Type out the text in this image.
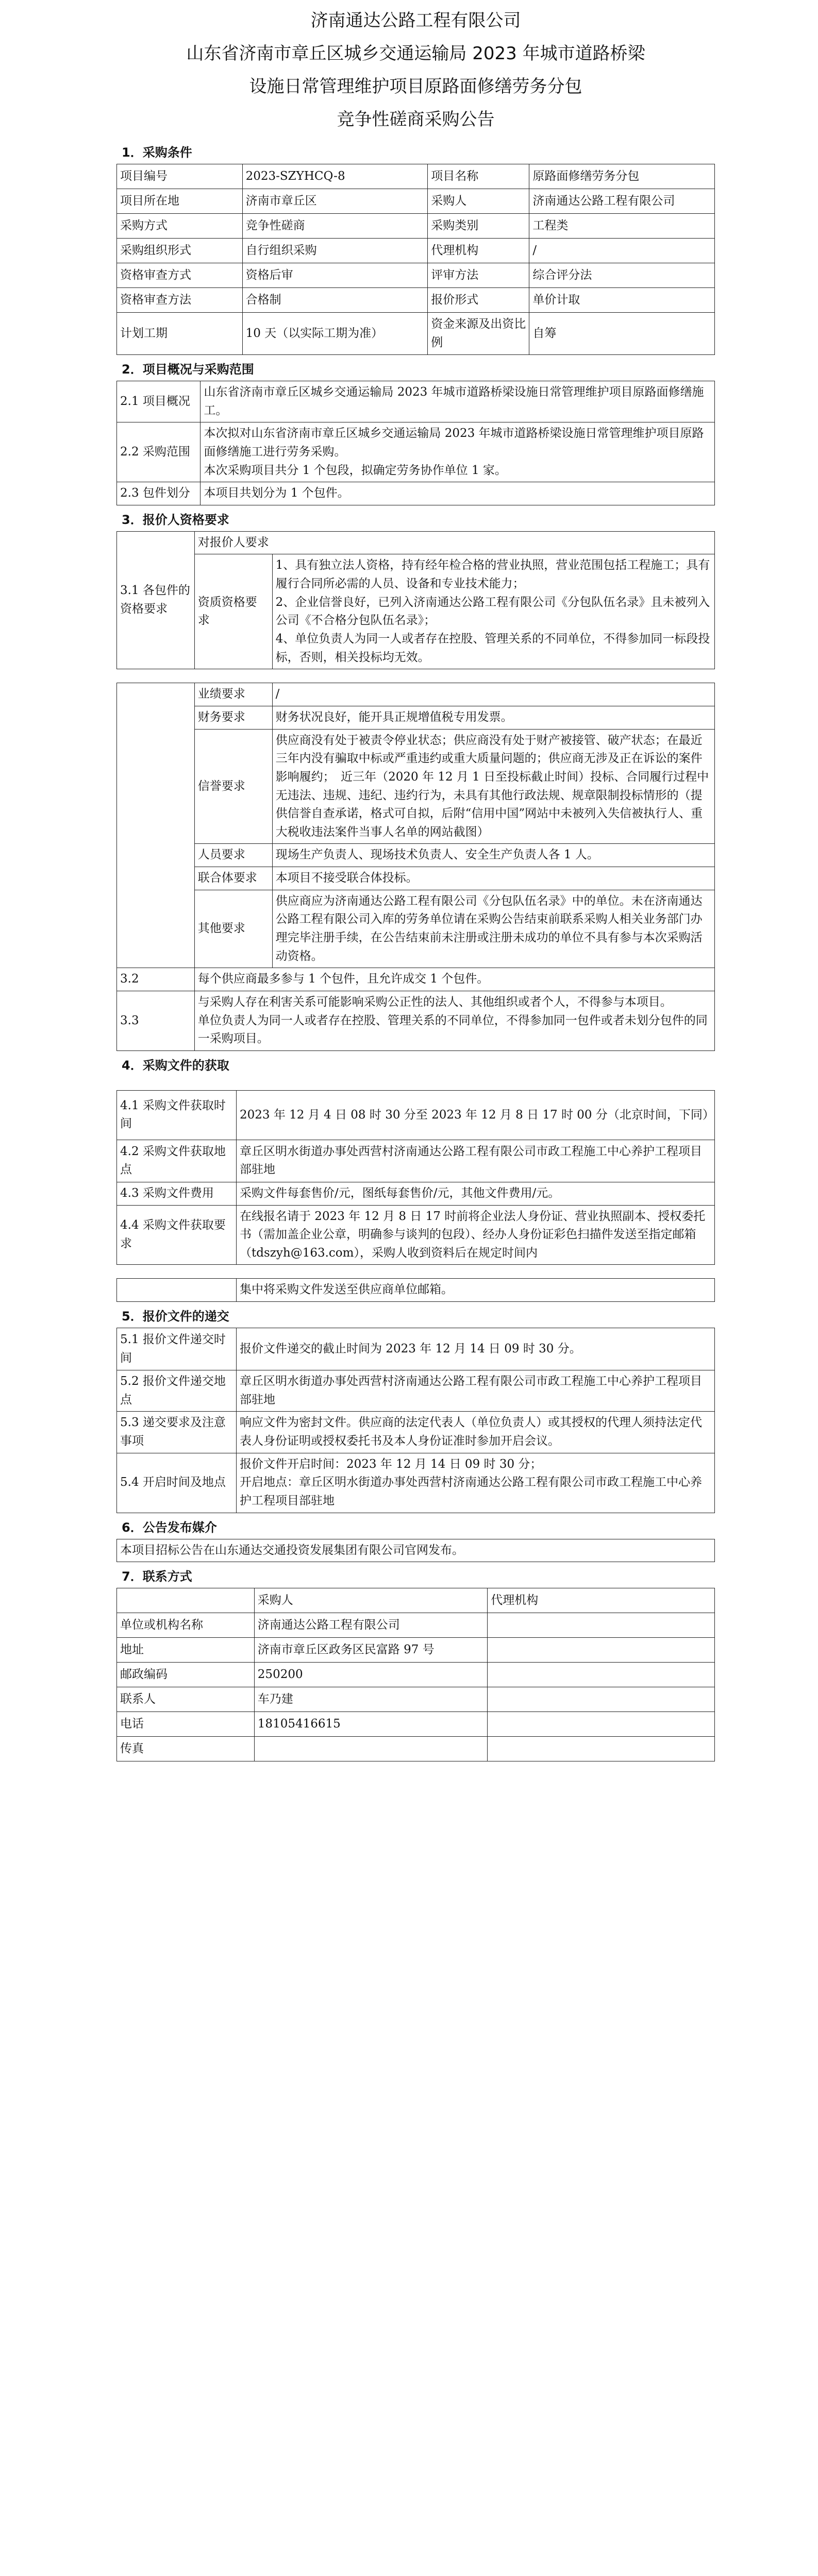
济南通达公路工程有限公司
山东省济南市章丘区城乡交通运输局 2023 年城市道路桥梁
设施日常管理维护项目原路面修缮劳务分包
竞争性磋商采购公告
1．采购条件
项目编号	2023-SZYHCQ-8	项目名称	原路面修缮劳务分包
项目所在地	济南市章丘区	采购人	济南通达公路工程有限公司
采购方式	竞争性磋商	采购类别	工程类
采购组织形式	自行组织采购	代理机构	/
资格审查方式	资格后审	评审方法	综合评分法
资格审查方法	合格制	报价形式	单价计取
计划工期	10 天（以实际工期为准）	资金来源及出资比例	自筹
2．项目概况与采购范围
2.1 项目概况	山东省济南市章丘区城乡交通运输局 2023 年城市道路桥梁设施日常管理维护项目原路面修缮施工。
2.2 采购范围	本次拟对山东省济南市章丘区城乡交通运输局 2023 年城市道路桥梁设施日常管理维护项目原路面修缮施工进行劳务采购。
本次采购项目共分 1 个包段，拟确定劳务协作单位 1 家。

2.3 包件划分	本项目共划分为 1 个包件。
3．报价人资格要求
3.1 各包件的资格要求	对报价人要求	
	资质资格要求	1、具有独立法人资格，持有经年检合格的营业执照，营业范围包括工程施工；具有履行合同所必需的人员、设备和专业技术能力；
2、企业信誉良好，已列入济南通达公路工程有限公司《分包队伍名录》且未被列入公司《不合格分包队伍名录》；
4、单位负责人为同一人或者存在控股、管理关系的不同单位，不得参加同一标段投标，否则，相关投标均无效。
	业绩要求	/
	财务要求	财务状况良好，能开具正规增值税专用发票。
	信誉要求	供应商没有处于被责令停业状态；供应商没有处于财产被接管、破产状态；在最近三年内没有骗取中标或严重违约或重大质量问题的；供应商无涉及正在诉讼的案件影响履约；　近三年（2020 年 12 月 1 日至投标截止时间）投标、合同履行过程中无违法、违规、违纪、违约行为，未具有其他行政法规、规章限制投标情形的（提供信誉自查承诺，格式可自拟，后附“信用中国”网站中未被列入失信被执行人、重大税收违法案件当事人名单的网站截图）
	人员要求	现场生产负责人、现场技术负责人、安全生产负责人各 1 人。
	联合体要求	本项目不接受联合体投标。
	其他要求	供应商应为济南通达公路工程有限公司《分包队伍名录》中的单位。未在济南通达公路工程有限公司入库的劳务单位请在采购公告结束前联系采购人相关业务部门办理完毕注册手续，在公告结束前未注册或注册未成功的单位不具有参与本次采购活动资格。
3.2	每个供应商最多参与 1 个包件，且允许成交 1 个包件。	
3.3	与采购人存在利害关系可能影响采购公正性的法人、其他组织或者个人，不得参与本项目。
单位负责人为同一人或者存在控股、管理关系的不同单位，不得参加同一包件或者未划分包件的同一采购项目。	
4．采购文件的获取
4.1 采购文件获取时间	2023 年 12 月 4 日 08 时 30 分至 2023 年 12 月 8 日 17 时 00 分（北京时间，下同）
4.2 采购文件获取地点	章丘区明水街道办事处西营村济南通达公路工程有限公司市政工程施工中心养护工程项目部驻地
4.3 采购文件费用	采购文件每套售价/元，图纸每套售价/元，其他文件费用/元。
4.4 采购文件获取要求	在线报名请于 2023 年 12 月 8 日 17 时前将企业法人身份证、营业执照副本、授权委托书（需加盖企业公章，明确参与谈判的包段）、经办人身份证彩色扫描件发送至指定邮箱（tdszyh@163.com），采购人收到资料后在规定时间内
	集中将采购文件发送至供应商单位邮箱。
5．报价文件的递交
5.1 报价文件递交时间	报价文件递交的截止时间为 2023 年 12 月 14 日 09 时 30 分。
5.2 报价文件递交地点	章丘区明水街道办事处西营村济南通达公路工程有限公司市政工程施工中心养护工程项目部驻地
5.3 递交要求及注意事项	响应文件为密封文件。供应商的法定代表人（单位负责人）或其授权的代理人须持法定代表人身份证明或授权委托书及本人身份证准时参加开启会议。
5.4 开启时间及地点	报价文件开启时间：2023 年 12 月 14 日 09 时 30 分；
开启地点：章丘区明水街道办事处西营村济南通达公路工程有限公司市政工程施工中心养护工程项目部驻地
6．公告发布媒介
本项目招标公告在山东通达交通投资发展集团有限公司官网发布。
7．联系方式
	采购人	代理机构
单位或机构名称	济南通达公路工程有限公司	
地址	济南市章丘区政务区民富路 97 号	
邮政编码	250200	
联系人	车乃建	
电话	18105416615	
传真		
